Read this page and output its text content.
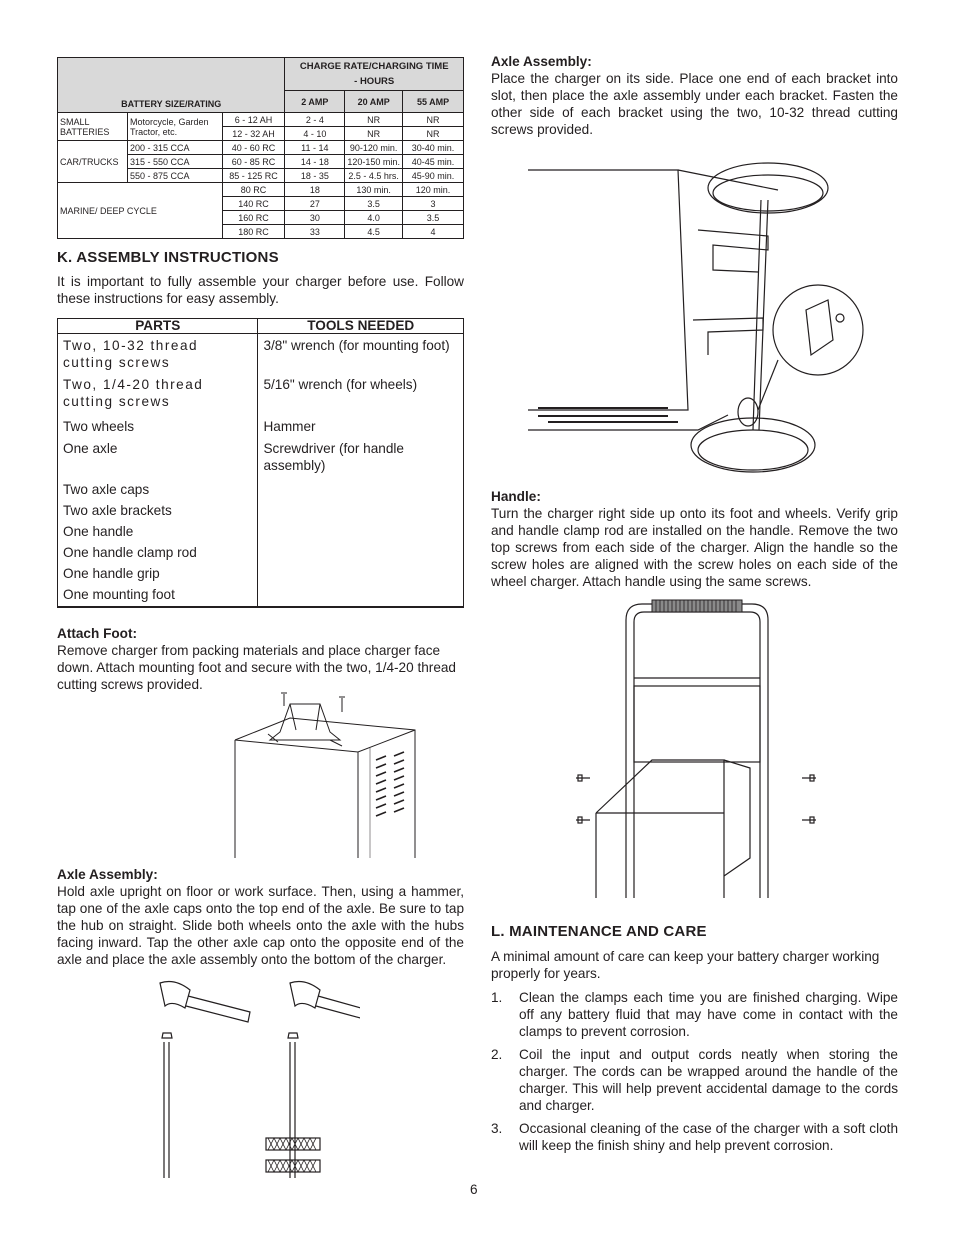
BATTERY SIZE/RATING			CHARGE RATE/CHARGING TIME - HOURS		
			2 AMP	20 AMP	55 AMP
SMALL BATTERIES	Motorcycle, Garden Tractor, etc.	6 - 12 AH	2 - 4	NR	NR
		12 - 32 AH	4 - 10	NR	NR
CAR/TRUCKS	200 - 315 CCA	40 - 60 RC	11 - 14	90-120 min.	30-40 min.
	315 - 550 CCA	60 - 85 RC	14 - 18	120-150 min.	40-45 min.
	550 - 875 CCA	85 - 125 RC	18 - 35	2.5 - 4.5 hrs.	45-90 min.
MARINE/ DEEP CYCLE		80 RC	18	130 min.	120 min.
		140 RC	27	3.5	3
		160 RC	30	4.0	3.5
		180 RC	33	4.5	4
K. ASSEMBLY INSTRUCTIONS
It is important to fully assemble your charger before use. Follow these instructions for easy assembly.
PARTS	TOOLS NEEDED
Two, 10-32 thread cutting screws	3/8" wrench (for mounting foot)
Two, 1/4-20 thread cutting screws	5/16" wrench (for wheels)
Two wheels	Hammer
One axle	Screwdriver (for handle assembly)
Two axle caps	
Two axle brackets	
One handle	
One handle clamp rod	
One handle grip	
One mounting foot	

Attach Foot:

Remove charger from packing materials and place charger face down. Attach mounting foot and secure with the two, 1/4-20 thread cutting screws provided.

Axle Assembly:

Hold axle upright on floor or work surface. Then, using a hammer, tap one of the axle caps onto the top end of the axle. Be sure to tap the hub on straight. Slide both wheels onto the axle with the hubs facing inward. Tap the other axle cap onto the opposite end of the axle and place the axle assembly onto the bottom of the charger.

Axle Assembly:

Place the charger on its side. Place one end of each bracket into slot, then place the axle assembly under each bracket. Fasten the other side of each bracket using the two, 10-32 thread cutting screws provided.

Handle:

Turn the charger right side up onto its foot and wheels. Verify grip and handle clamp rod are installed on the handle. Remove the two top screws from each side of the charger. Align the handle so the screw holes are aligned with the screw holes on each side of the wheel charger. Attach handle using the same screws.

L. MAINTENANCE AND CARE
A minimal amount of care can keep your battery charger working properly for years.
1. Clean the clamps each time you are finished charging. Wipe off any battery fluid that may have come in contact with the clamps to prevent corrosion.
2. Coil the input and output cords neatly when storing the charger. The cords can be wrapped around the handle of the charger. This will help prevent accidental damage to the cords and charger.
3. Occasional cleaning of the case of the charger with a soft cloth will keep the finish shiny and help prevent corrosion.
6
